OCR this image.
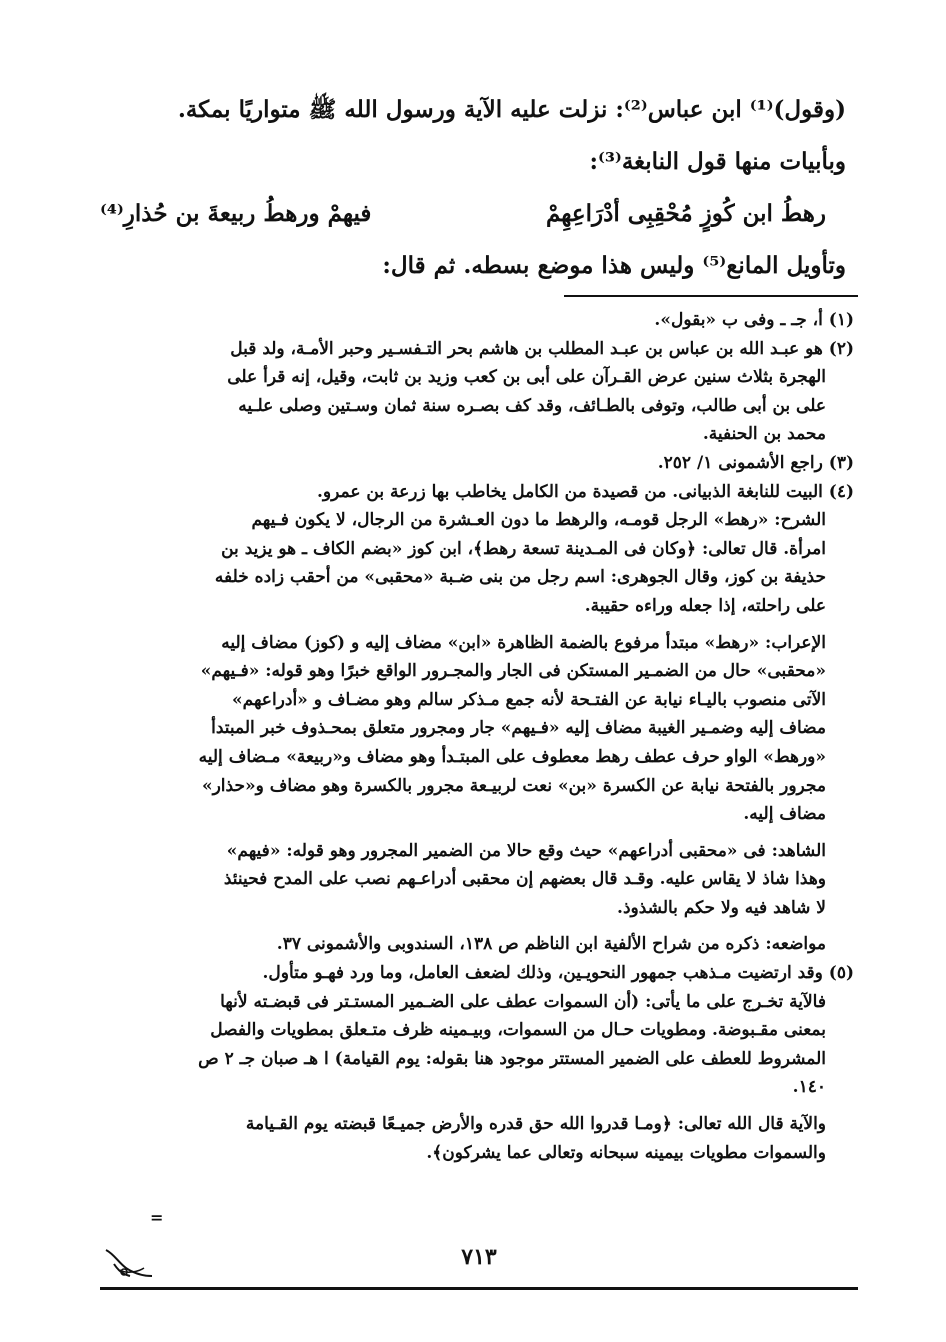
(وقول)⁽¹⁾ ابن عباس⁽²⁾: نزلت عليه الآية ورسول الله ﷺ متواريًا بمكة.

وبأبيات منها قول النابغة⁽³⁾:

رهطُ ابن كُوزٍ مُحْقِبِى أدْرَاعِهِمْ
فيهمْ ورهطُ ربيعةَ بن حُذارِ⁽⁴⁾

وتأويل المانع⁽⁵⁾ وليس هذا موضع بسطه. ثم قال:

(١) أ، جـ ـ وفى ب «بقول».

(٢) هو عبـد الله بن عباس بن عبـد المطلب بن هاشم بحر التـفسـير وحبر الأمـة، ولد قبل

الهجرة بثلاث سنين عرض القـرآن على أبى بن كعب وزيد بن ثابت، وقيل، إنه قرأ على

على بن أبى طالب، وتوفى بالطـائف، وقد كف بصـره سنة ثمان وسـتين وصلى علـيه

محمد بن الحنفية.

(٣) راجع الأشمونى ١/ ٢٥٢.

(٤) البيت للنابغة الذبيانى. من قصيدة من الكامل يخاطب بها زرعة بن عمرو.

الشرح: «رهط» الرجل قومـه، والرهط ما دون العـشرة من الرجال، لا يكون فـيهم

امرأة. قال تعالى: ﴿وكان فى المـدينة تسعة رهط﴾، ابن كوز «بضم الكاف ـ هو يزيد بن

حذيفة بن كوز، وقال الجوهرى: اسم رجل من بنى ضـبة «محقبى» من أحقب زاده خلفه

على راحلته، إذا جعله وراءه حقيبة.

الإعراب: «رهط» مبتدأ مرفوع بالضمة الظاهرة «ابن» مضاف إليه و (كوز) مضاف إليه

«محقبى» حال من الضمـير المستكن فى الجار والمجـرور الواقع خبرًا وهو قوله: «فـيهم»

الآتى منصوب باليـاء نيابة عن الفتـحة لأنه جمع مـذكر سالم وهو مضـاف و «أدراعهم»

مضاف إليه وضمـير الغيبة مضاف إليه «فـيهم» جار ومجرور متعلق بمحـذوف خبر المبتدأ

«ورهط» الواو حرف عطف رهط معطوف على المبتـدأ وهو مضاف و«ربيعة» مـضاف إليه

مجرور بالفتحة نيابة عن الكسرة «بن» نعت لربيـعة مجرور بالكسرة وهو مضاف و«حذار»

مضاف إليه.

الشاهد: فى «محقبى أدراعهم» حيث وقع حالا من الضمير المجرور وهو قوله: «فيهم»

وهذا شاذ لا يقاس عليه. وقـد قال بعضهم إن محقبى أدراعـهم نصب على المدح فحينئذ

لا شاهد فيه ولا حكم بالشذوذ.

مواضعه: ذكره من شراح الألفية ابن الناظم ص ١٣٨، السندوبى والأشمونى ٣٧.

(٥) وقد ارتضيت مـذهب جمهور النحويـين، وذلك لضعف العامل، وما ورد فهـو متأول.

فالآية تخـرج على ما يأتى: (أن السموات عطف على الضـمير المستـتر فى قبضـته لأنها

بمعنى مقـبوضة. ومطويات حـال من السموات، وبيـمينه ظرف متـعلق بمطويات والفصل

المشروط للعطف على الضمير المستتر موجود هنا بقوله: يوم القيامة) ا هـ صبان جـ ٢ ص

١٤٠.

والآية قال الله تعالى: ﴿ومـا قدروا الله حق قدره والأرض جميـعًا قبضته يوم القـيامة

والسموات مطويات بيمينه سبحانه وتعالى عما يشركون﴾.

=
٧١٣
